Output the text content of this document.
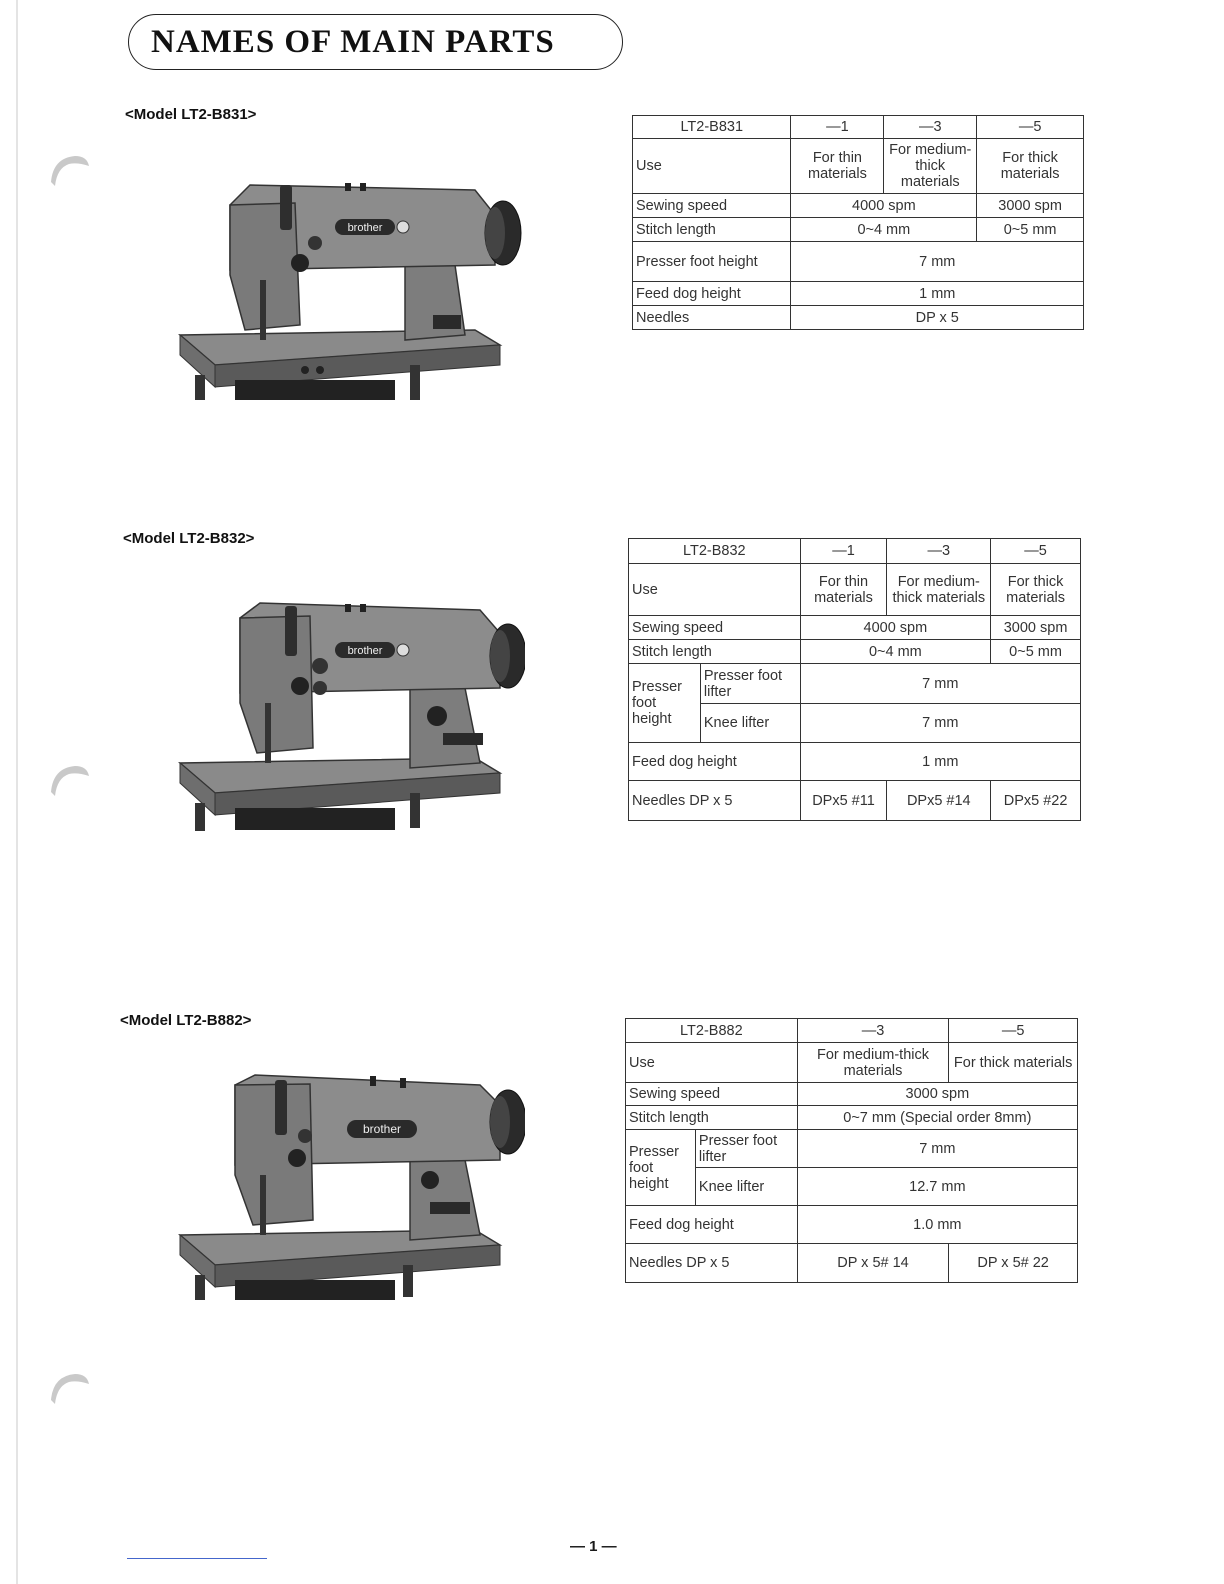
NAMES OF MAIN PARTS
<Model LT2-B831>
brother
LT2-B831	—1	—3	—5
Use	For thin materials	For medium-thick materials	For thick materials
Sewing speed	4000 spm		3000 spm
Stitch length	0~4 mm		0~5 mm
Presser foot height	7 mm		
Feed dog height	1 mm		
Needles	DP x 5		
<Model LT2-B832>
brother
LT2-B832		—1	—3	—5
Use		For thin materials	For medium-thick materials	For thick materials
Sewing speed		4000 spm		3000 spm
Stitch length		0~4 mm		0~5 mm
Presser foot height	Presser foot lifter	7 mm		
	Knee lifter	7 mm		
Feed dog height		1 mm		
Needles DP x 5		DPx5 #11	DPx5 #14	DPx5 #22
<Model LT2-B882>
brother
LT2-B882		—3	—5
Use		For medium-thick materials	For thick materials
Sewing speed		3000 spm	
Stitch length		0~7 mm (Special order 8mm)	
Presser foot height	Presser foot lifter	7 mm	
	Knee lifter	12.7 mm	
Feed dog height		1.0 mm	
Needles DP x 5		DP x 5# 14	DP x 5# 22
— 1 —
